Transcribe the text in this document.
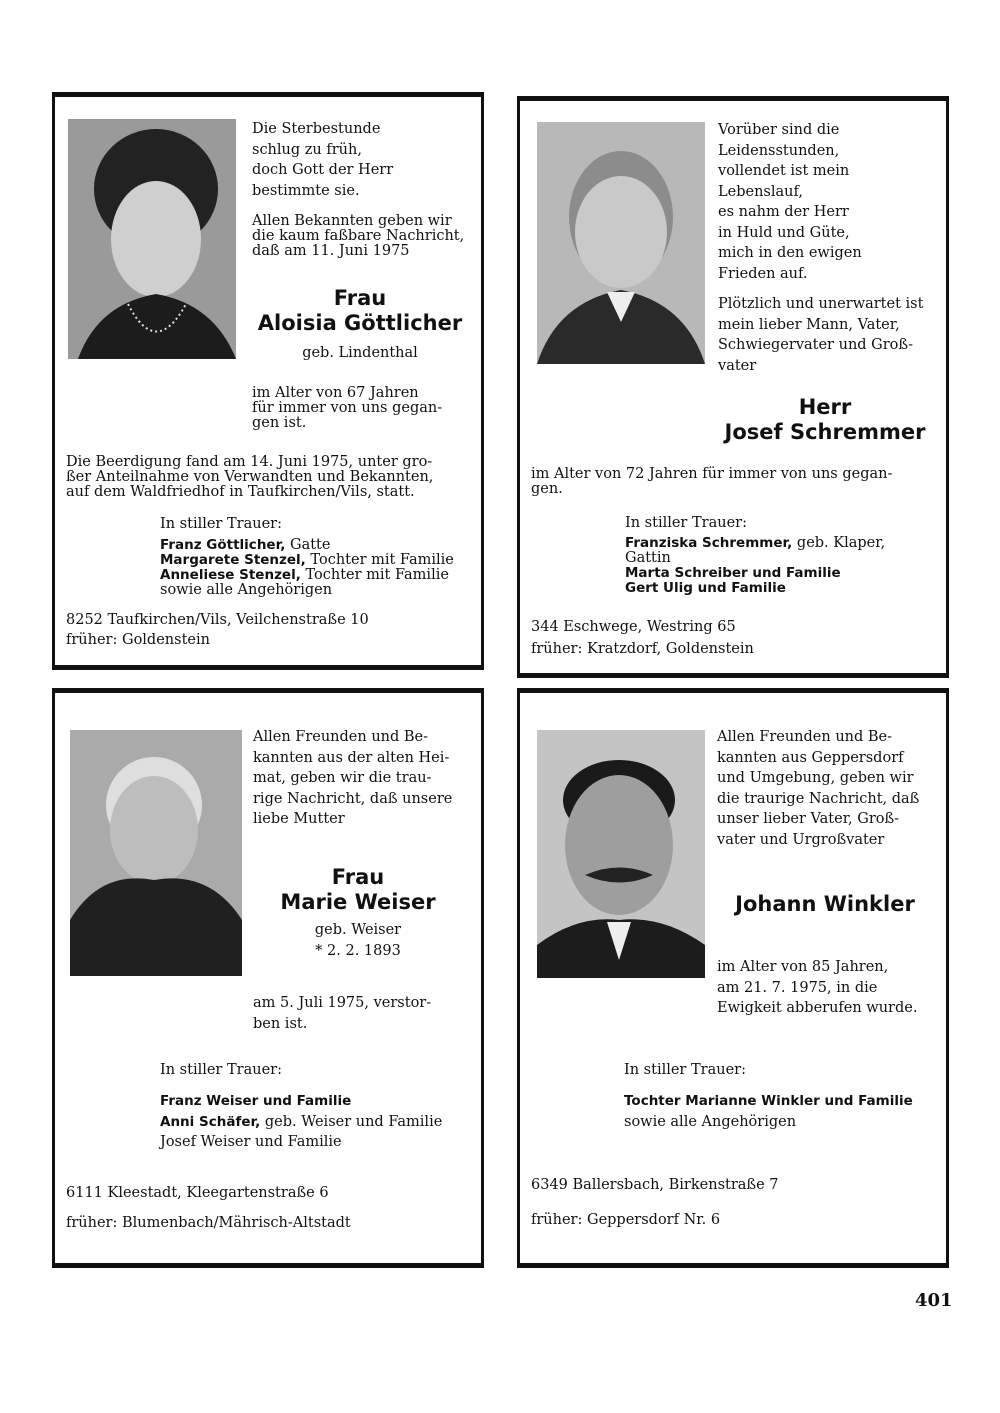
Die Sterbestunde

schlug zu früh,

doch Gott der Herr

bestimmte sie.

Allen Bekannten geben wir

die kaum faßbare Nachricht,

daß am 11. Juni 1975

Frau

Aloisia Göttlicher

geb. Lindenthal

im Alter von 67 Jahren

für immer von uns gegan-

gen ist.

Die Beerdigung fand am 14. Juni 1975, unter gro-

ßer Anteilnahme von Verwandten und Bekannten,

auf dem Waldfriedhof in Taufkirchen/Vils, statt.

In stiller Trauer:

Franz Göttlicher, Gatte

Margarete Stenzel, Tochter mit Familie

Anneliese Stenzel, Tochter mit Familie

sowie alle Angehörigen

8252 Taufkirchen/Vils, Veilchenstraße 10

früher: Goldenstein

Vorüber sind die

Leidensstunden,

vollendet ist mein

Lebenslauf,

es nahm der Herr

in Huld und Güte,

mich in den ewigen

Frieden auf.

Plötzlich und unerwartet ist

mein lieber Mann, Vater,

Schwiegervater und Groß-

vater

Herr

Josef Schremmer

im Alter von 72 Jahren für immer von uns gegan-

gen.

In stiller Trauer:

Franziska Schremmer, geb. Klaper,

Gattin

Marta Schreiber und Familie

Gert Ulig und Familie

344 Eschwege, Westring 65

früher: Kratzdorf, Goldenstein

Allen Freunden und Be-

kannten aus der alten Hei-

mat, geben wir die trau-

rige Nachricht, daß unsere

liebe Mutter

Frau

Marie Weiser

geb. Weiser

* 2. 2. 1893

am 5. Juli 1975, verstor-

ben ist.

In stiller Trauer:

Franz Weiser und Familie

Anni Schäfer, geb. Weiser und Familie

Josef Weiser und Familie

6111 Kleestadt, Kleegartenstraße 6

früher: Blumenbach/Mährisch-Altstadt

Allen Freunden und Be-

kannten aus Geppersdorf

und Umgebung, geben wir

die traurige Nachricht, daß

unser lieber Vater, Groß-

vater und Urgroßvater

Johann Winkler

im Alter von 85 Jahren,

am 21. 7. 1975, in die

Ewigkeit abberufen wurde.

In stiller Trauer:

Tochter Marianne Winkler und Familie

sowie alle Angehörigen

6349 Ballersbach, Birkenstraße 7

früher: Geppersdorf Nr. 6

401
